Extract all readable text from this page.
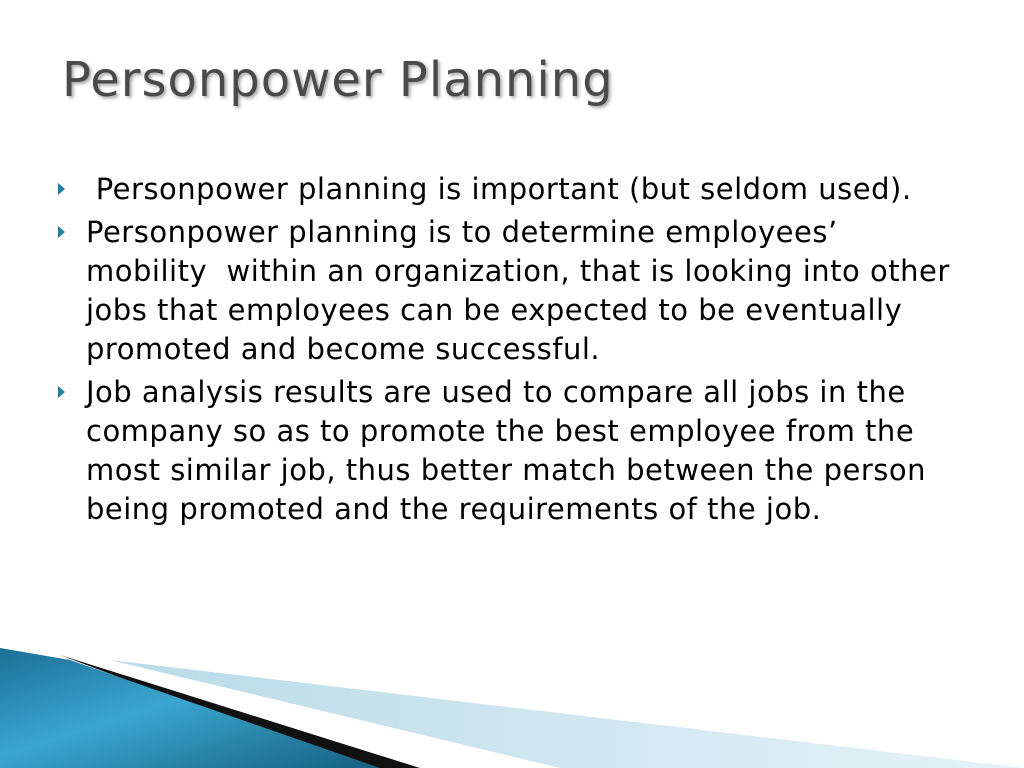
Personpower Planning
Personpower planning is important (but seldom used).
Personpower planning is to determine employees’ mobility  within an organization, that is looking into other jobs that employees can be expected to be eventually promoted and become successful.
Job analysis results are used to compare all jobs in the company so as to promote the best employee from the most similar job, thus better match between the person being promoted and the requirements of the job.
